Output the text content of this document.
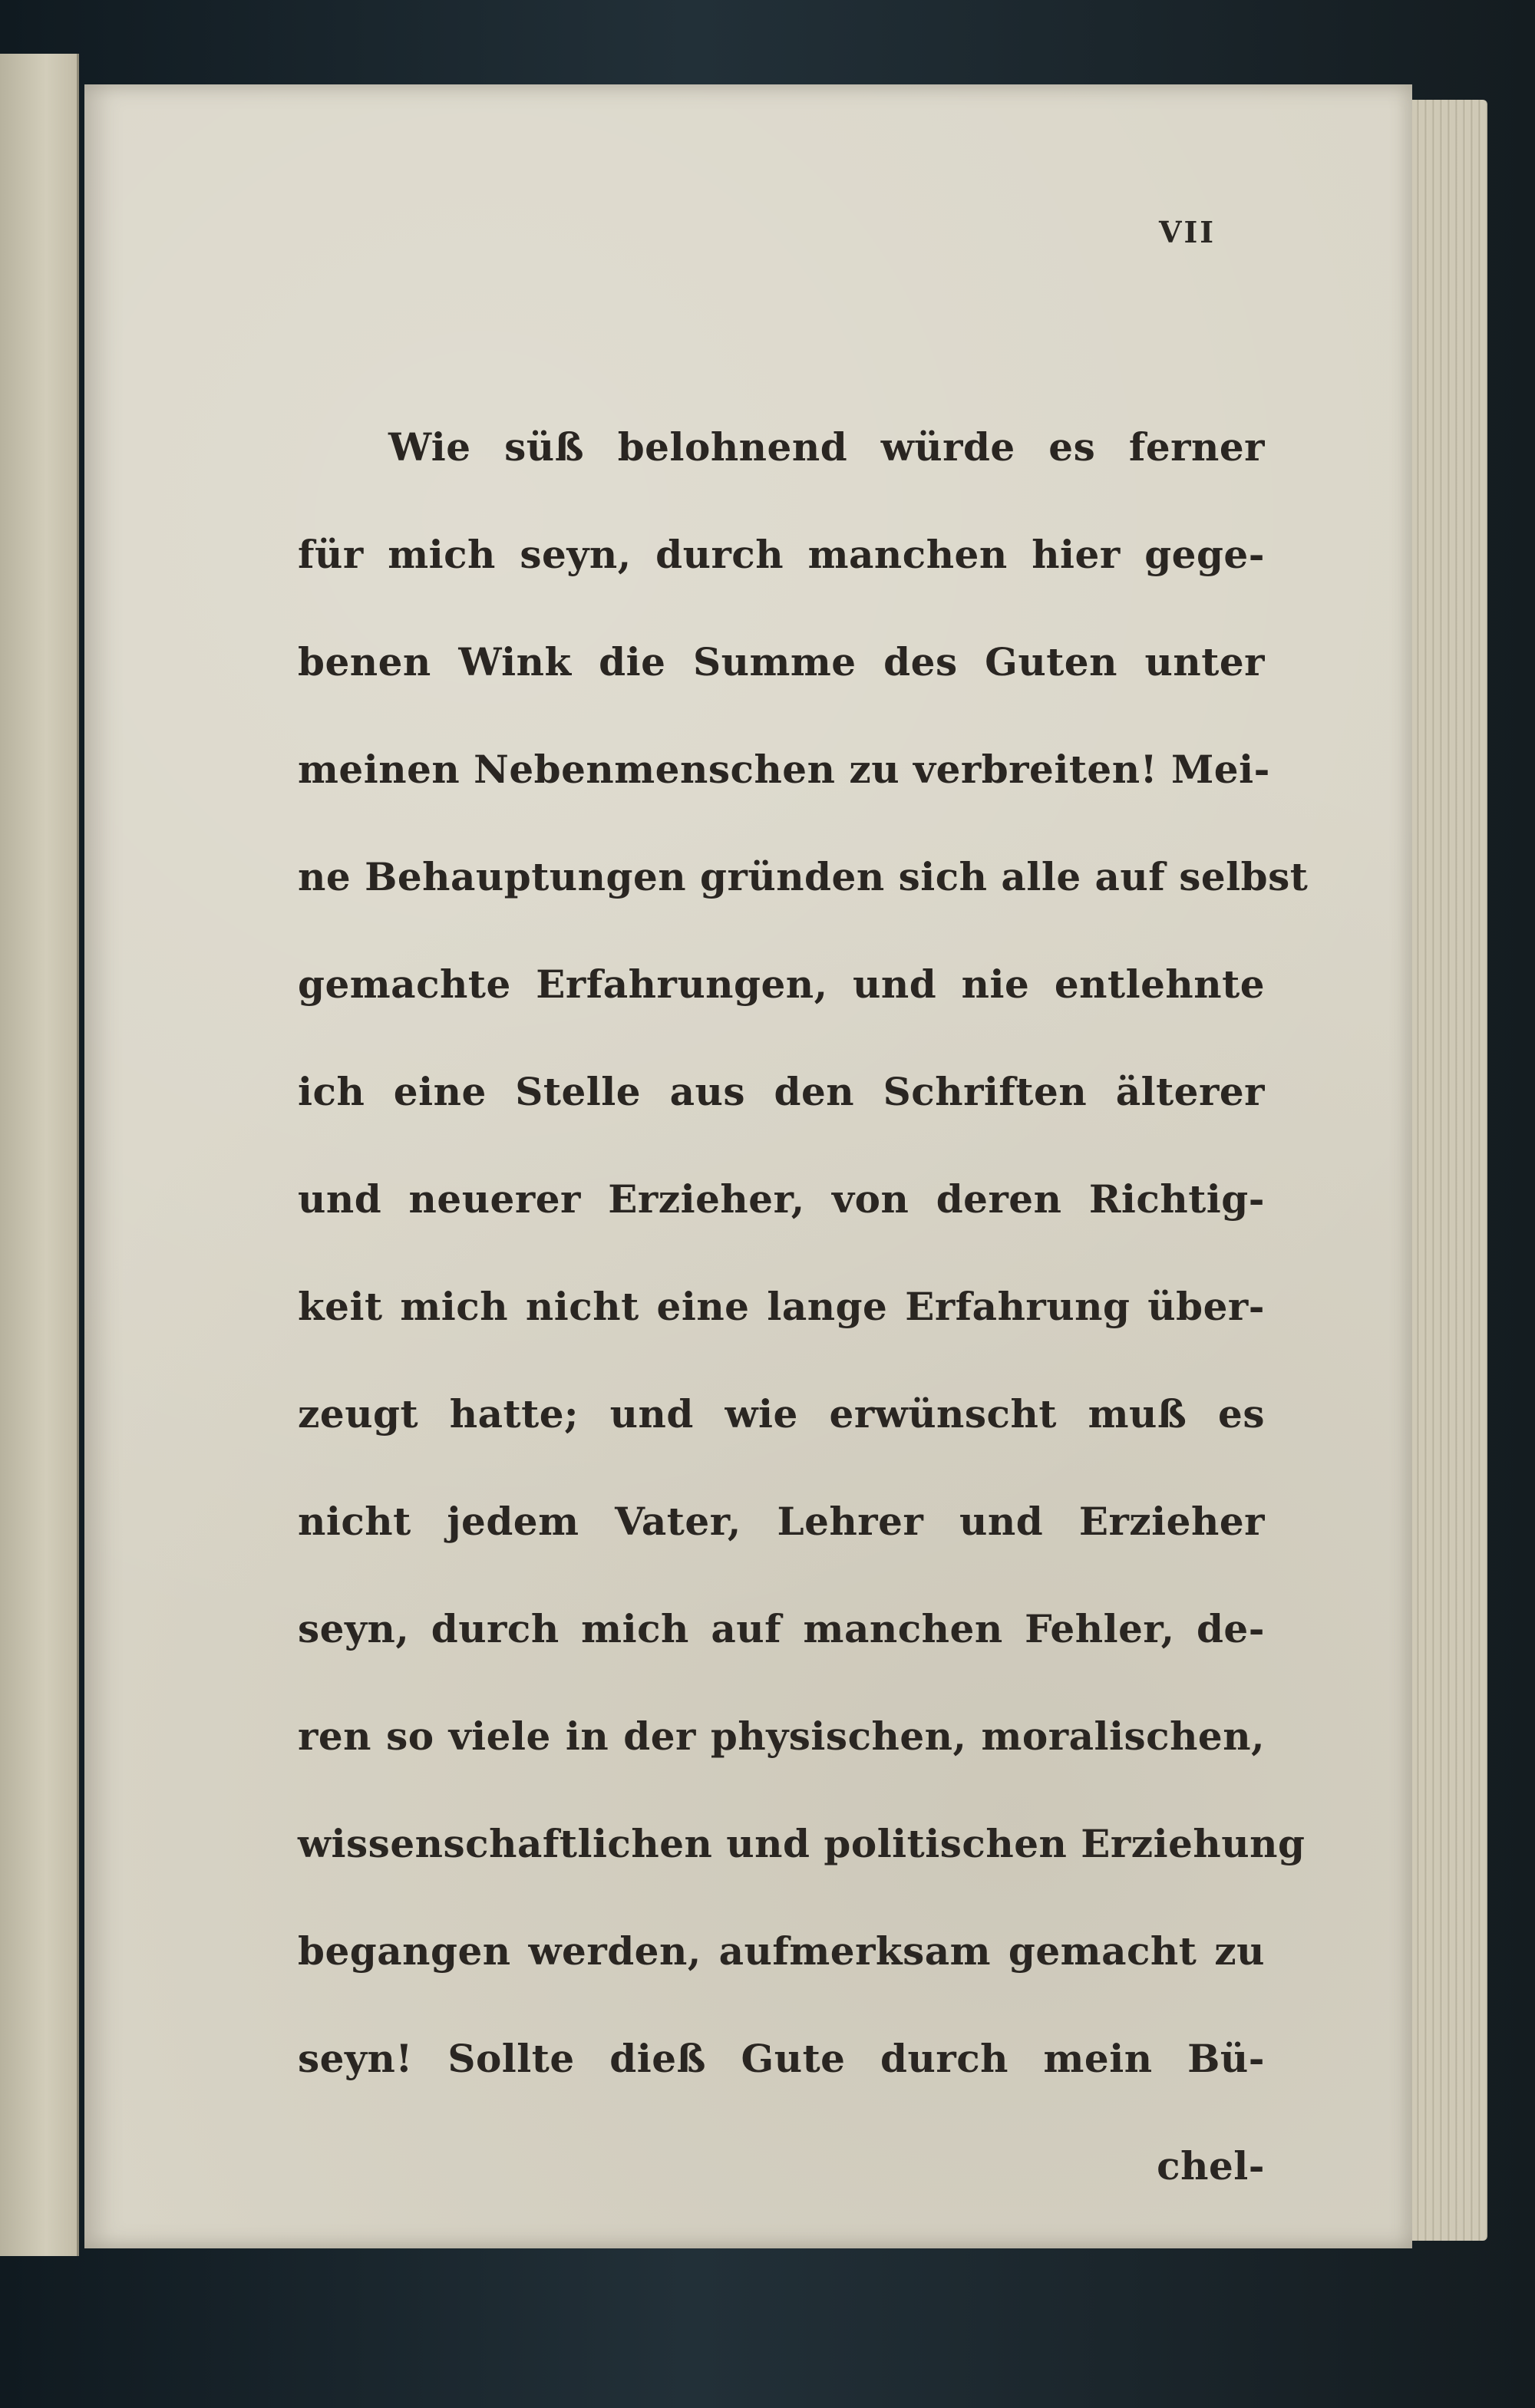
VII
Wie süß belohnend würde es ferner
für mich seyn, durch manchen hier gege-
benen Wink die Summe des Guten unter
meinen Nebenmenschen zu verbreiten! Mei-
ne Behauptungen gründen sich alle auf selbst
gemachte Erfahrungen, und nie entlehnte
ich eine Stelle aus den Schriften älterer
und neuerer Erzieher, von deren Richtig-
keit mich nicht eine lange Erfahrung über-
zeugt hatte; und wie erwünscht muß es
nicht jedem Vater, Lehrer und Erzieher
seyn, durch mich auf manchen Fehler, de-
ren so viele in der physischen, moralischen,
wissenschaftlichen und politischen Erziehung
begangen werden, aufmerksam gemacht zu
seyn! Sollte dieß Gute durch mein Bü-
chel-
